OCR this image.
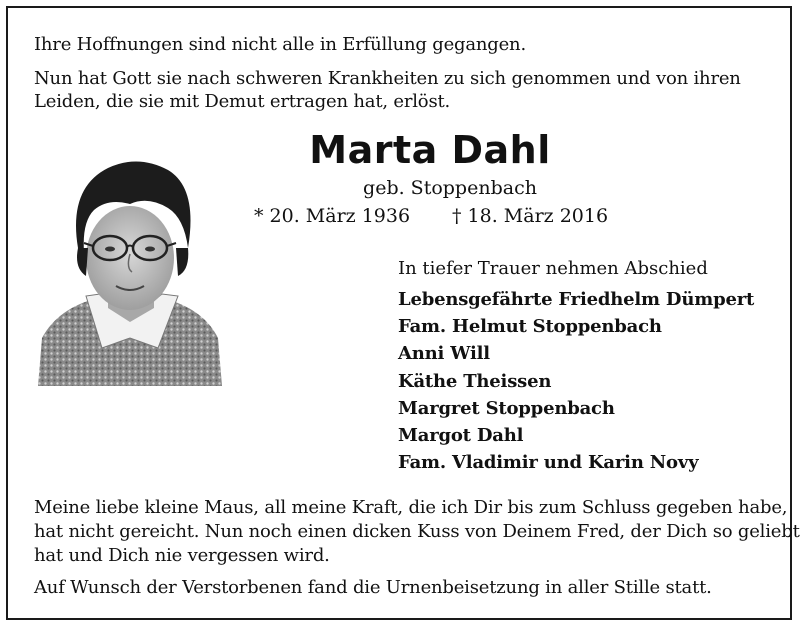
Ihre Hoffnungen sind nicht alle in Erfüllung gegangen.

Nun hat Gott sie nach schweren Krankheiten zu sich genommen und von ihren

Leiden, die sie mit Demut ertragen hat, erlöst.

Marta Dahl

geb. Stoppenbach

* 20. März 1936 † 18. März 2016

In tiefer Trauer nehmen Abschied

Lebensgefährte Friedhelm Dümpert
Fam. Helmut Stoppenbach
Anni Will
Käthe Theissen
Margret Stoppenbach
Margot Dahl
Fam. Vladimir und Karin Novy

Meine liebe kleine Maus, all meine Kraft, die ich Dir bis zum Schluss gegeben habe,

hat nicht gereicht. Nun noch einen dicken Kuss von Deinem Fred, der Dich so geliebt

hat und Dich nie vergessen wird.

Auf Wunsch der Verstorbenen fand die Urnenbeisetzung in aller Stille statt.
